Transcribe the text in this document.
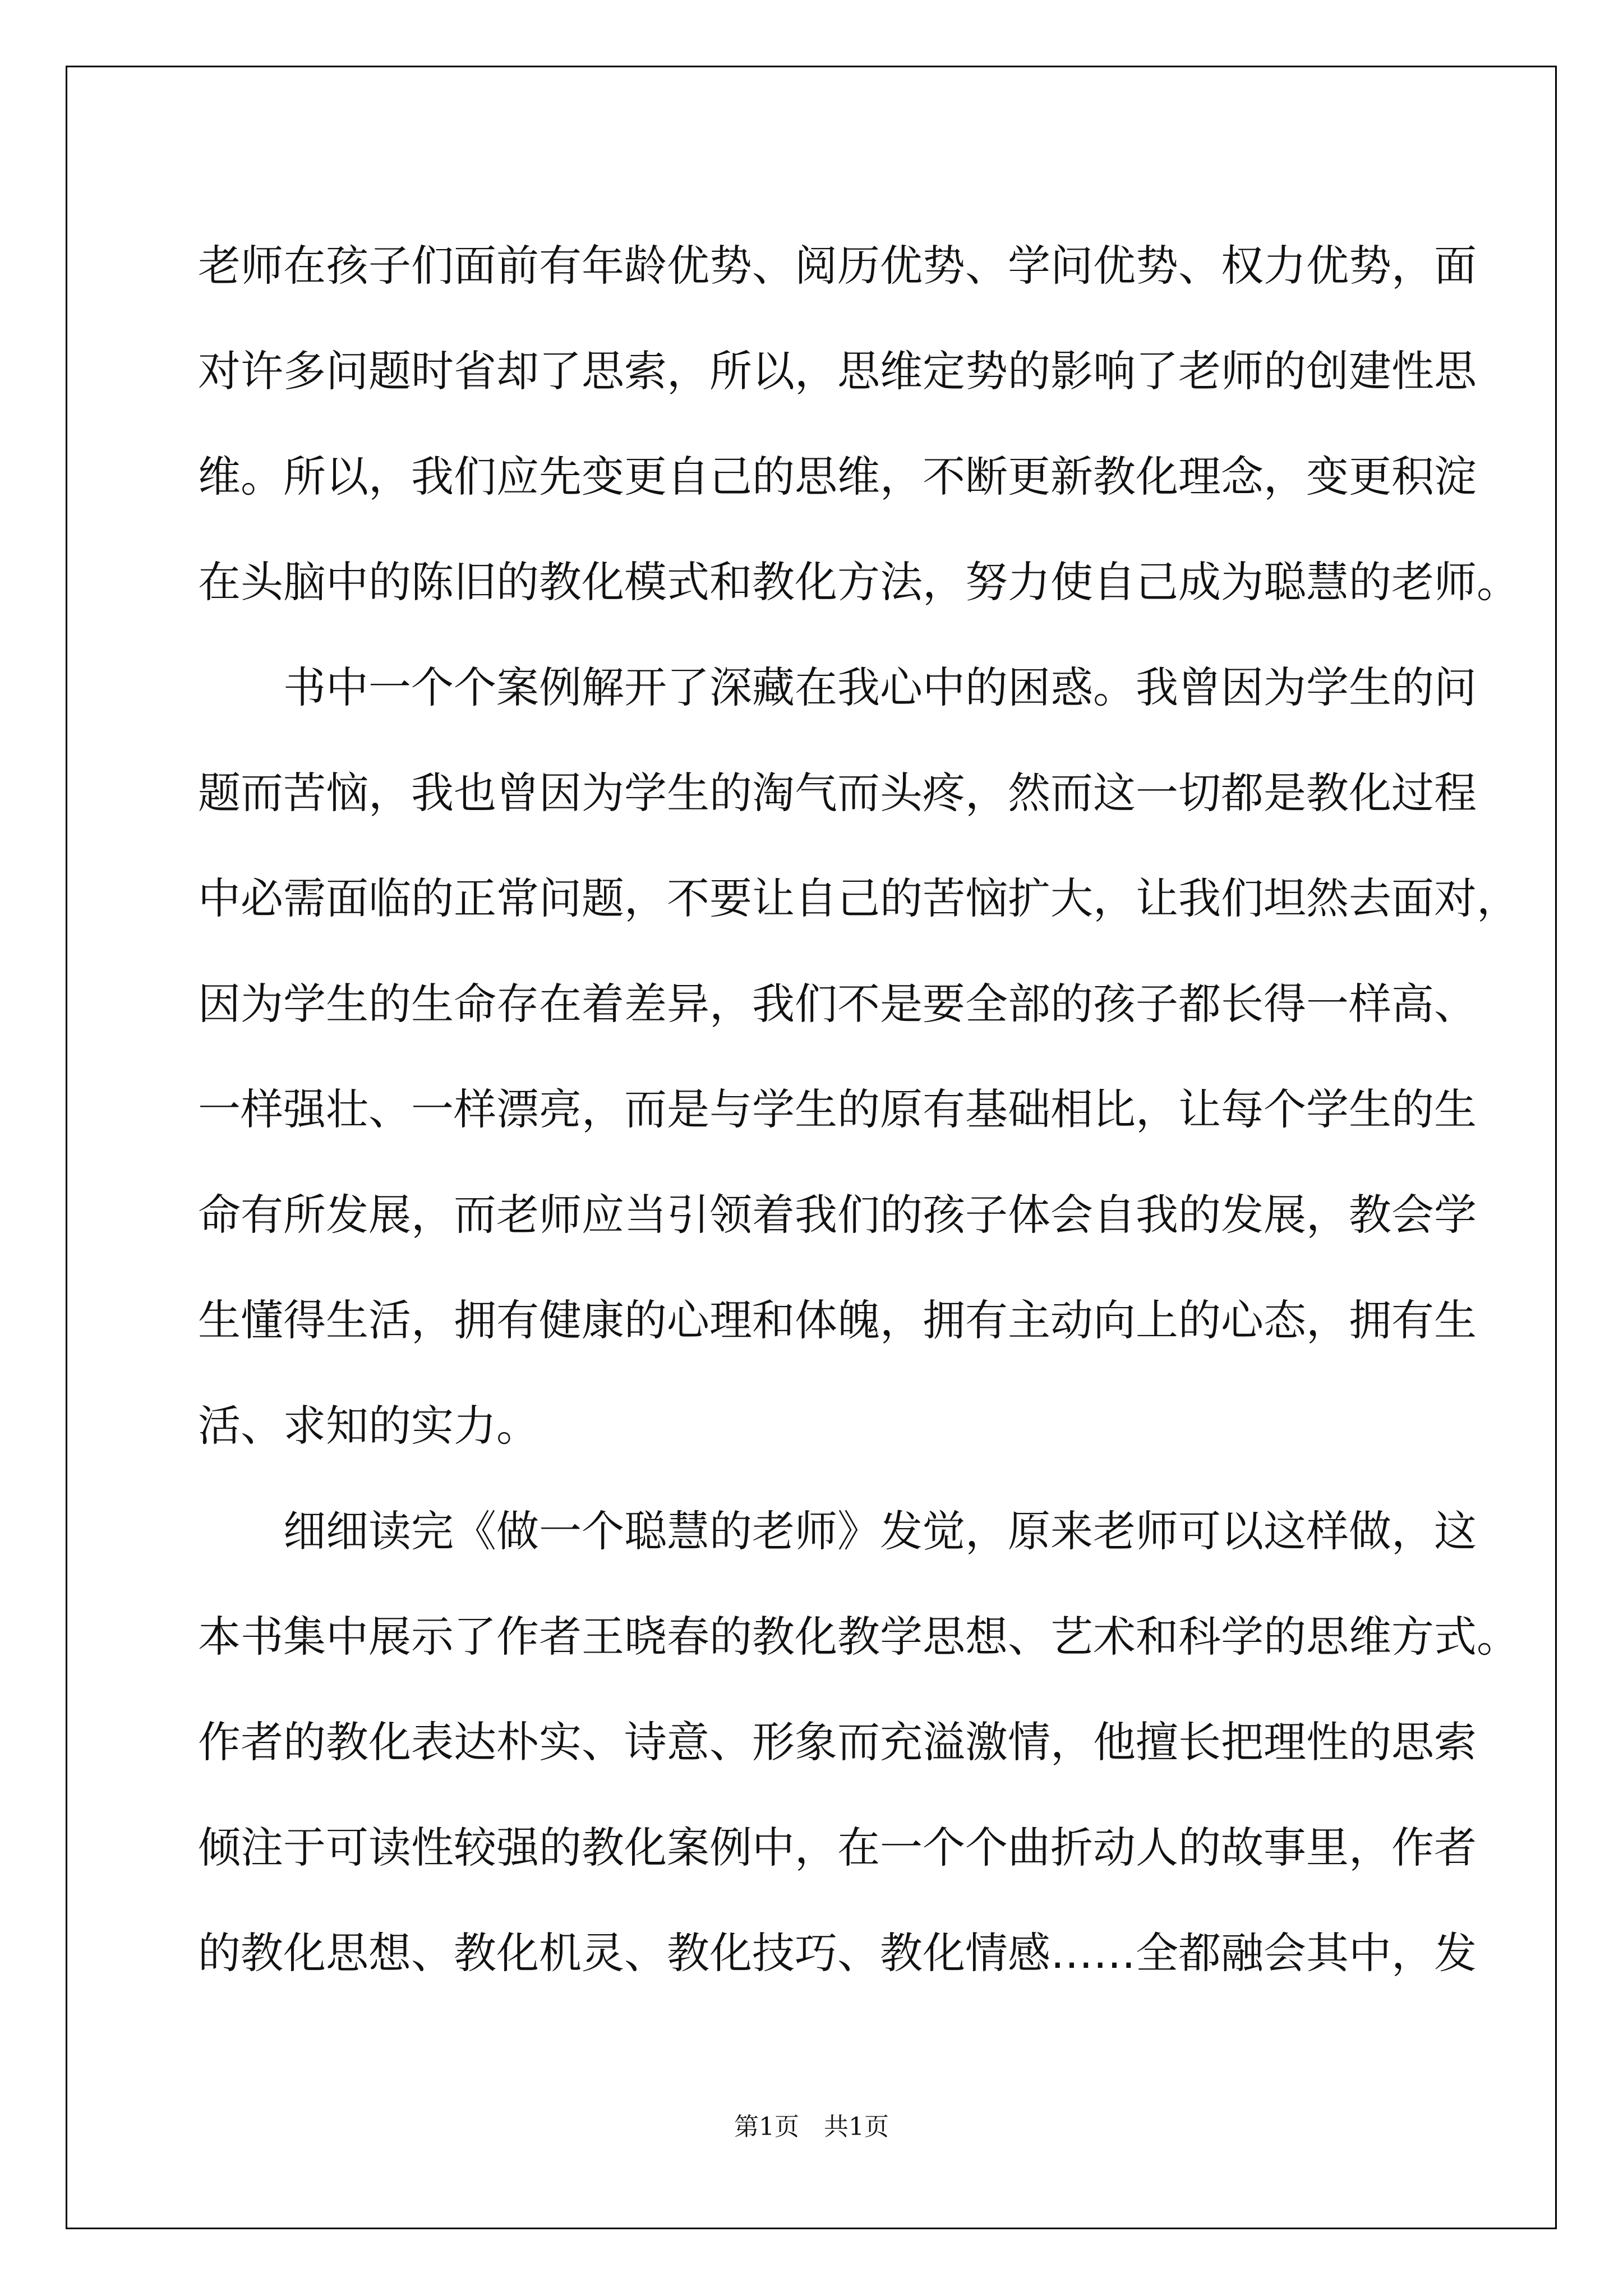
老师在孩子们面前有年龄优势、阅历优势、学问优势、权力优势，面
对许多问题时省却了思索，所以，思维定势的影响了老师的创建性思
维。所以，我们应先变更自己的思维，不断更新教化理念，变更积淀
在头脑中的陈旧的教化模式和教化方法，努力使自己成为聪慧的老师。
书中一个个案例解开了深藏在我心中的困惑。我曾因为学生的问
题而苦恼，我也曾因为学生的淘气而头疼，然而这一切都是教化过程
中必需面临的正常问题，不要让自己的苦恼扩大，让我们坦然去面对，
因为学生的生命存在着差异，我们不是要全部的孩子都长得一样高、
一样强壮、一样漂亮，而是与学生的原有基础相比，让每个学生的生
命有所发展，而老师应当引领着我们的孩子体会自我的发展，教会学
生懂得生活，拥有健康的心理和体魄，拥有主动向上的心态，拥有生
活、求知的实力。
细细读完《做一个聪慧的老师》发觉，原来老师可以这样做，这
本书集中展示了作者王晓春的教化教学思想、艺术和科学的思维方式。
作者的教化表达朴实、诗意、形象而充溢激情，他擅长把理性的思索
倾注于可读性较强的教化案例中，在一个个曲折动人的故事里，作者
的教化思想、教化机灵、教化技巧、教化情感……全都融会其中，发
第1页　共1页
